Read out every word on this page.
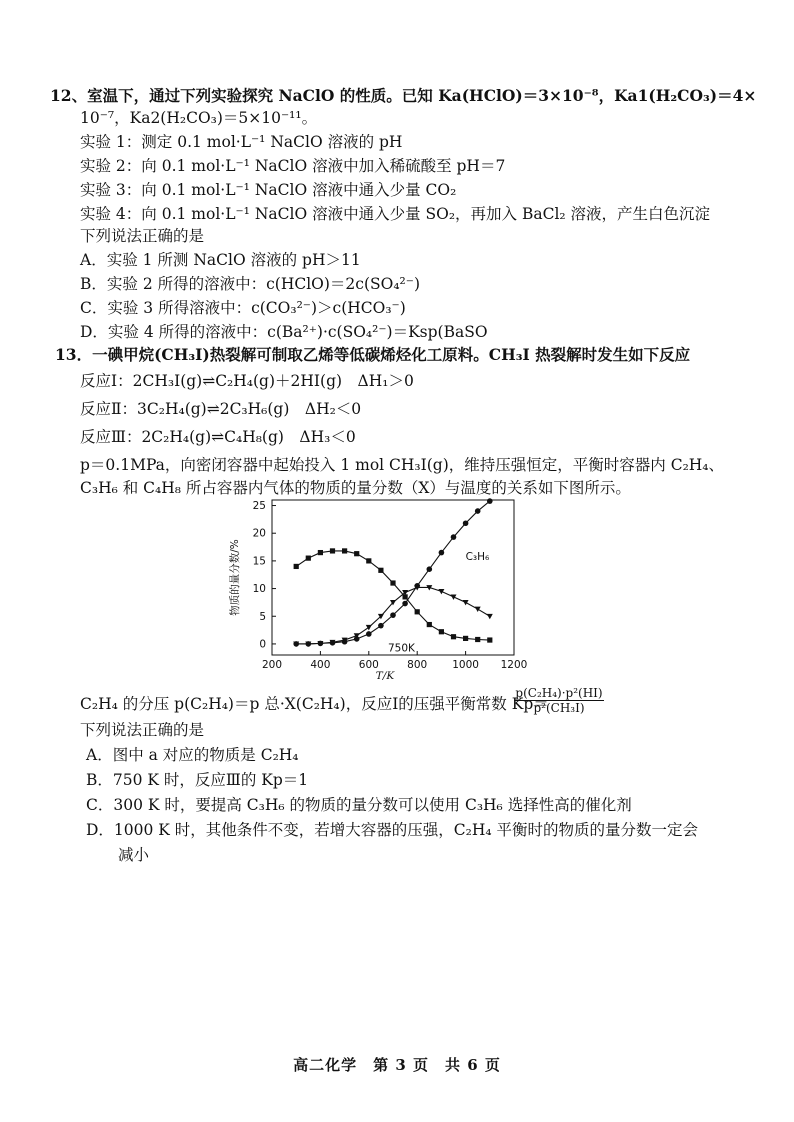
12、室温下，通过下列实验探究 NaClO 的性质。已知 Ka(HClO)＝3×10⁻⁸，Ka1(H₂CO₃)＝4×
10⁻⁷，Ka2(H₂CO₃)＝5×10⁻¹¹。
实验 1：测定 0.1 mol·L⁻¹ NaClO 溶液的 pH
实验 2：向 0.1 mol·L⁻¹ NaClO 溶液中加入稀硫酸至 pH＝7
实验 3：向 0.1 mol·L⁻¹ NaClO 溶液中通入少量 CO₂
实验 4：向 0.1 mol·L⁻¹ NaClO 溶液中通入少量 SO₂，再加入 BaCl₂ 溶液，产生白色沉淀
下列说法正确的是
A．实验 1 所测 NaClO 溶液的 pH＞11
B．实验 2 所得的溶液中：c(HClO)＝2c(SO₄²⁻)
C．实验 3 所得溶液中：c(CO₃²⁻)＞c(HCO₃⁻)
D．实验 4 所得的溶液中：c(Ba²⁺)·c(SO₄²⁻)＝Ksp(BaSO
13．一碘甲烷(CH₃I)热裂解可制取乙烯等低碳烯烃化工原料。CH₃I 热裂解时发生如下反应
反应Ⅰ：2CH₃I(g)⇌C₂H₄(g)＋2HI(g)　ΔH₁＞0
反应Ⅱ：3C₂H₄(g)⇌2C₃H₆(g)　ΔH₂＜0
反应Ⅲ：2C₂H₄(g)⇌C₄H₈(g)　ΔH₃＜0
p＝0.1MPa，向密闭容器中起始投入 1 mol CH₃I(g)，维持压强恒定，平衡时容器内 C₂H₄、
C₃H₆ 和 C₄H₈ 所占容器内气体的物质的量分数（X）与温度的关系如下图所示。
200	400	600	800 1000 1200
0
5
10
15
20
25
T/K
物质的量分数/%	C₃H₆
750K
C₂H₄ 的分压 p(C₂H₄)＝p 总·X(C₂H₄)，反应Ⅰ的压强平衡常数 Kp＝
$\frac{\text{p(C₂H₄)·p²(HI)}}{\text{p²(CH₃I)}}$
下列说法正确的是
A．图中 a 对应的物质是 C₂H₄
B．750 K 时，反应Ⅲ的 Kp＝1
C．300 K 时，要提高 C₃H₆ 的物质的量分数可以使用 C₃H₆ 选择性高的催化剂
D．1000 K 时，其他条件不变，若增大容器的压强，C₂H₄ 平衡时的物质的量分数一定会
减小
高二化学　第 3 页　共 6 页
